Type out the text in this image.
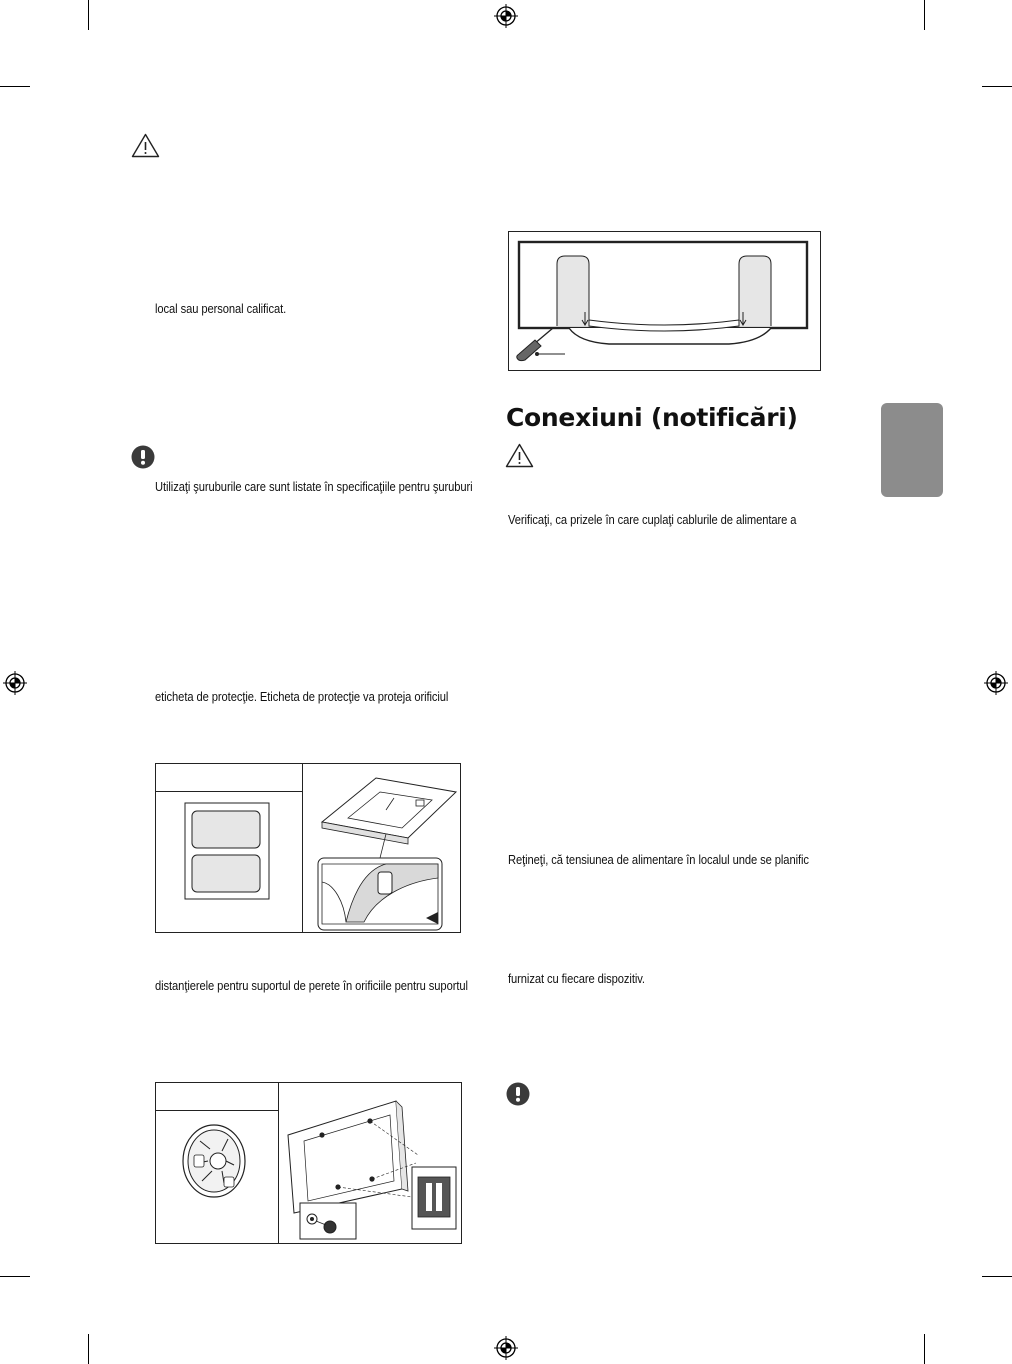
local sau personal calificat.
Utilizaţi şuruburile care sunt listate în specificaţiile pentru şuruburi
eticheta de protecţie. Eticheta de protecţie va proteja orificiul
distanţierele pentru suportul de perete în orificiile pentru suportul
Conexiuni (notificări)
Verificaţi, ca prizele în care cuplaţi cablurile de alimentare a
Reţineţi, că tensiunea de alimentare în localul unde se planific
furnizat cu fiecare dispozitiv.
